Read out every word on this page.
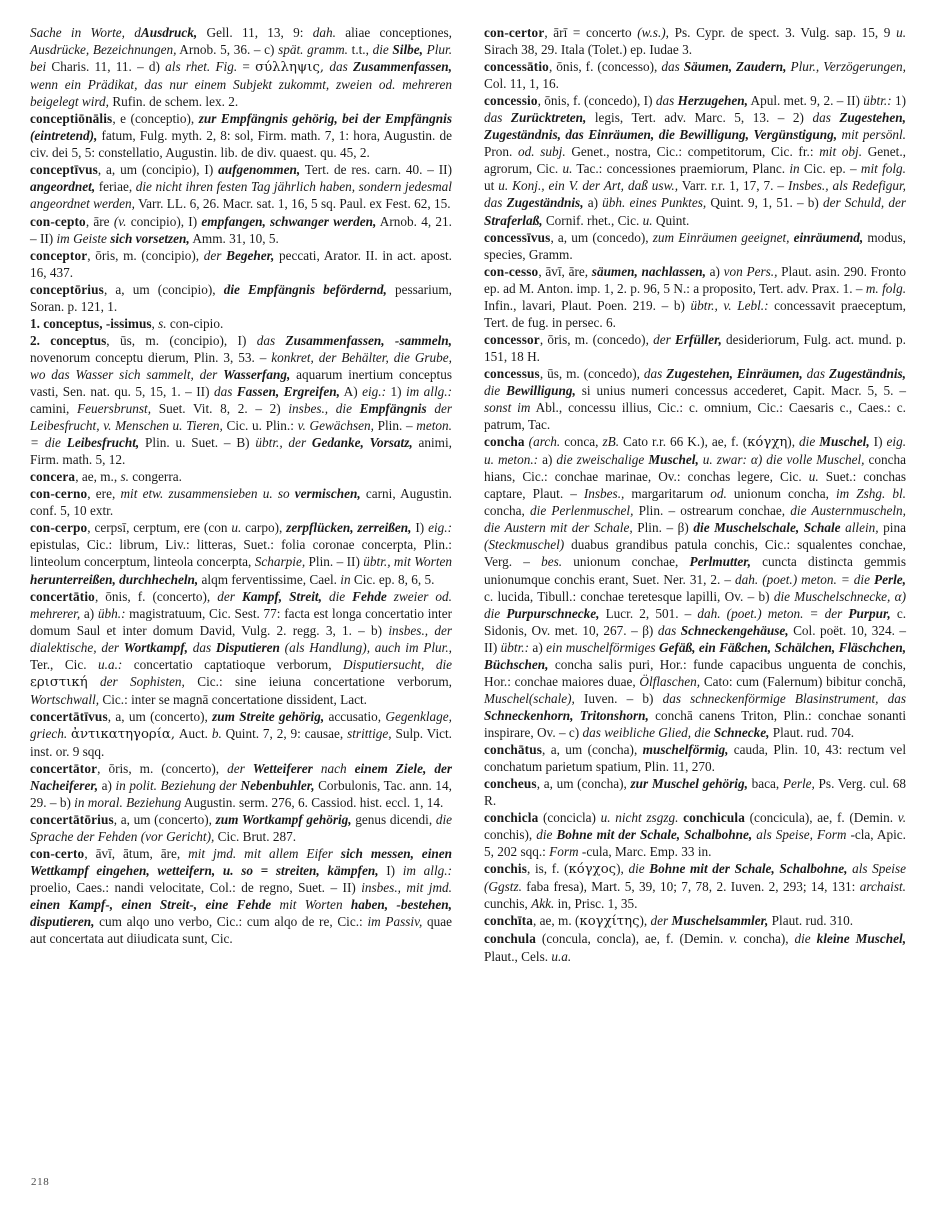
Sache in Worte, dAusdruck, Gell. 11, 13, 9: dah. aliae conceptiones, Ausdrücke, Bezeichnungen, Arnob. 5, 36. – c) spät. gramm. t.t., die Silbe, Plur. bei Charis. 11, 11. – d) als rhet. Fig. = σύλληψις, das Zusammenfassen, wenn ein Prädikat, das nur einem Subjekt zukommt, zweien od. mehreren beigelegt wird, Rufin. de schem. lex. 2.
conceptiōnālis, e (conceptio), zur Empfängnis gehörig, bei der Empfängnis (eintretend), fatum, Fulg. myth. 2, 8: sol, Firm. math. 7, 1: hora, Augustin. de civ. dei 5, 5: constellatio, Augustin. lib. de div. quaest. qu. 45, 2.
conceptīvus, a, um (concipio), I) aufgenommen, Tert. de res. carn. 40. – II) angeordnet, feriae, die nicht ihren festen Tag jährlich haben, sondern jedesmal angeordnet werden, Varr. LL. 6, 26. Macr. sat. 1, 16, 5 sq. Paul. ex Fest. 62, 15.
con-cepto, āre (v. concipio), I) empfangen, schwanger werden, Arnob. 4, 21. – II) im Geiste sich vorsetzen, Amm. 31, 10, 5.
conceptor, ōris, m. (concipio), der Begeher, peccati, Arator. II. in act. apost. 16, 437.
conceptōrius, a, um (concipio), die Empfängnis befördernd, pessarium, Soran. p. 121, 1.
1. conceptus, -issimus, s. con-cipio.
2. conceptus, ūs, m. (concipio), I) das Zusammenfassen, -sammeln, novenorum conceptu dierum, Plin. 3, 53. – konkret, der Behälter, die Grube, wo das Wasser sich sammelt, der Wasserfang, aquarum inertium conceptus vasti, Sen. nat. qu. 5, 15, 1. – II) das Fassen, Ergreifen, A) eig.: 1) im allg.: camini, Feuersbrunst, Suet. Vit. 8, 2. – 2) insbes., die Empfängnis der Leibesfrucht, v. Menschen u. Tieren, Cic. u. Plin.: v. Gewächsen, Plin. – meton. = die Leibesfrucht, Plin. u. Suet. – B) übtr., der Gedanke, Vorsatz, animi, Firm. math. 5, 12.
concera, ae, m., s. congerra.
con-cerno, ere, mit etw. zusammensieben u. so vermischen, carni, Augustin. conf. 5, 10 extr.
con-cerpo, cerpsī, cerptum, ere (con u. carpo), zerpflücken, zerreißen, I) eig.: epistulas, Cic.: librum, Liv.: litteras, Suet.: folia coronae concerpta, Plin.: linteolum concerptum, linteola concerpta, Scharpie, Plin. – II) übtr., mit Worten herunterreißen, durchhecheln, alqm ferventissime, Cael. in Cic. ep. 8, 6, 5.
concertātio, ōnis, f. (concerto), der Kampf, Streit, die Fehde zweier od. mehrerer, a) übh.: magistratuum, Cic. Sest. 77: facta est longa concertatio inter domum Saul et inter domum David, Vulg. 2. regg. 3, 1. – b) insbes., der dialektische, der Wortkampf, das Disputieren (als Handlung), auch im Plur., Ter., Cic. u.a.: concertatio captatioque verborum, Disputiersucht, die εριστική der Sophisten, Cic.: sine ieiuna concertatione verborum, Wortschwall, Cic.: inter se magnā concertatione dissident, Lact.
concertātīvus, a, um (concerto), zum Streite gehörig, accusatio, Gegenklage, griech. ἀντικατηγορία, Auct. b. Quint. 7, 2, 9: causae, strittige, Sulp. Vict. inst. or. 9 sqq.
concertātor, ōris, m. (concerto), der Wetteiferer nach einem Ziele, der Nacheiferer, a) in polit. Beziehung der Nebenbuhler, Corbulonis, Tac. ann. 14, 29. – b) in moral. Beziehung Augustin. serm. 276, 6. Cassiod. hist. eccl. 1, 14.
concertātōrius, a, um (concerto), zum Wortkampf gehörig, genus dicendi, die Sprache der Fehden (vor Gericht), Cic. Brut. 287.
con-certo, āvī, ātum, āre, mit jmd. mit allem Eifer sich messen, einen Wettkampf eingehen, wetteifern, u. so = streiten, kämpfen, I) im allg.: proelio, Caes.: nandi velocitate, Col.: de regno, Suet. – II) insbes., mit jmd. einen Kampf-, einen Streit-, eine Fehde mit Worten haben, -bestehen, disputieren, cum alqo uno verbo, Cic.: cum alqo de re, Cic.: im Passiv, quae aut concertata aut diiudicata sunt, Cic.
con-certor, ārī = concerto (w.s.), Ps. Cypr. de spect. 3. Vulg. sap. 15, 9 u. Sirach 38, 29. Itala (Tolet.) ep. Iudae 3.
concessātio, ōnis, f. (concesso), das Säumen, Zaudern, Plur., Verzögerungen, Col. 11, 1, 16.
concessio, ōnis, f. (concedo), I) das Herzugehen, Apul. met. 9, 2. – II) übtr.: 1) das Zurücktreten, legis, Tert. adv. Marc. 5, 13. – 2) das Zugestehen, Zugeständnis, das Einräumen, die Bewilligung, Vergünstigung, mit persönl. Pron. od. subj. Genet., nostra, Cic.: competitorum, Cic. fr.: mit obj. Genet., agrorum, Cic. u. Tac.: concessiones praemiorum, Planc. in Cic. ep. – mit folg. ut u. Konj., ein V. der Art, daß usw., Varr. r.r. 1, 17, 7. – Insbes., als Redefigur, das Zugeständnis, a) übh. eines Punktes, Quint. 9, 1, 51. – b) der Schuld, der Straferlaß, Cornif. rhet., Cic. u. Quint.
concessīvus, a, um (concedo), zum Einräumen geeignet, einräumend, modus, species, Gramm.
con-cesso, āvī, āre, säumen, nachlassen, a) von Pers., Plaut. asin. 290. Fronto ep. ad M. Anton. imp. 1, 2. p. 96, 5 N.: a proposito, Tert. adv. Prax. 1. – m. folg. Infin., lavari, Plaut. Poen. 219. – b) übtr., v. Lebl.: concessavit praeceptum, Tert. de fug. in persec. 6.
concessor, ōris, m. (concedo), der Erfüller, desideriorum, Fulg. act. mund. p. 151, 18 H.
concessus, ūs, m. (concedo), das Zugestehen, Einräumen, das Zugeständnis, die Bewilligung, si unius numeri concessus accederet, Capit. Macr. 5, 5. – sonst im Abl., concessu illius, Cic.: c. omnium, Cic.: Caesaris c., Caes.: c. patrum, Tac.
concha (arch. conca, zB. Cato r.r. 66 K.), ae, f. (κόγχη), die Muschel, I) eig. u. meton.: a) die zweischalige Muschel, u. zwar: α) die volle Muschel, concha hians, Cic.: conchae marinae, Ov.: conchas legere, Cic. u. Suet.: conchas captare, Plaut. – Insbes., margaritarum od. unionum concha, im Zshg. bl. concha, die Perlenmuschel, Plin. – ostrearum conchae, die Austernmuscheln, die Austern mit der Schale, Plin. – β) die Muschelschale, Schale allein, pina (Steckmuschel) duabus grandibus patula conchis, Cic.: squalentes conchae, Verg. – bes. unionum conchae, Perlmutter, cuncta distincta gemmis unionumque conchis erant, Suet. Ner. 31, 2. – dah. (poet.) meton. = die Perle, c. lucida, Tibull.: conchae teretesque lapilli, Ov. – b) die Muschelschnecke, α) die Purpurschnecke, Lucr. 2, 501. – dah. (poet.) meton. = der Purpur, c. Sidonis, Ov. met. 10, 267. – β) das Schneckengehäuse, Col. poët. 10, 324. – II) übtr.: a) ein muschelförmiges Gefäß, ein Fäßchen, Schälchen, Fläschchen, Büchschen, concha salis puri, Hor.: funde capacibus unguenta de conchis, Hor.: conchae maiores duae, Ölflaschen, Cato: cum (Falernum) bibitur conchā, Muschel(schale), Iuven. – b) das schneckenförmige Blasinstrument, das Schneckenhorn, Tritonshorn, conchā canens Triton, Plin.: conchae sonanti inspirare, Ov. – c) das weibliche Glied, die Schnecke, Plaut. rud. 704.
conchātus, a, um (concha), muschelförmig, cauda, Plin. 10, 43: rectum vel conchatum parietum spatium, Plin. 11, 270.
concheus, a, um (concha), zur Muschel gehörig, baca, Perle, Ps. Verg. cul. 68 R.
conchicla (concicla) u. nicht zsgzg. conchicula (concicula), ae, f. (Demin. v. conchis), die Bohne mit der Schale, Schalbohne, als Speise, Form -cla, Apic. 5, 202 sqq.: Form -cula, Marc. Emp. 33 in.
conchis, is, f. (κόγχος), die Bohne mit der Schale, Schalbohne, als Speise (Ggstz. faba fresa), Mart. 5, 39, 10; 7, 78, 2. Iuven. 2, 293; 14, 131: archaist. cunchis, Akk. in, Prisc. 1, 35.
conchīta, ae, m. (κογχίτης), der Muschelsammler, Plaut. rud. 310.
conchula (concula, concla), ae, f. (Demin. v. concha), die kleine Muschel, Plaut., Cels. u.a.
218
